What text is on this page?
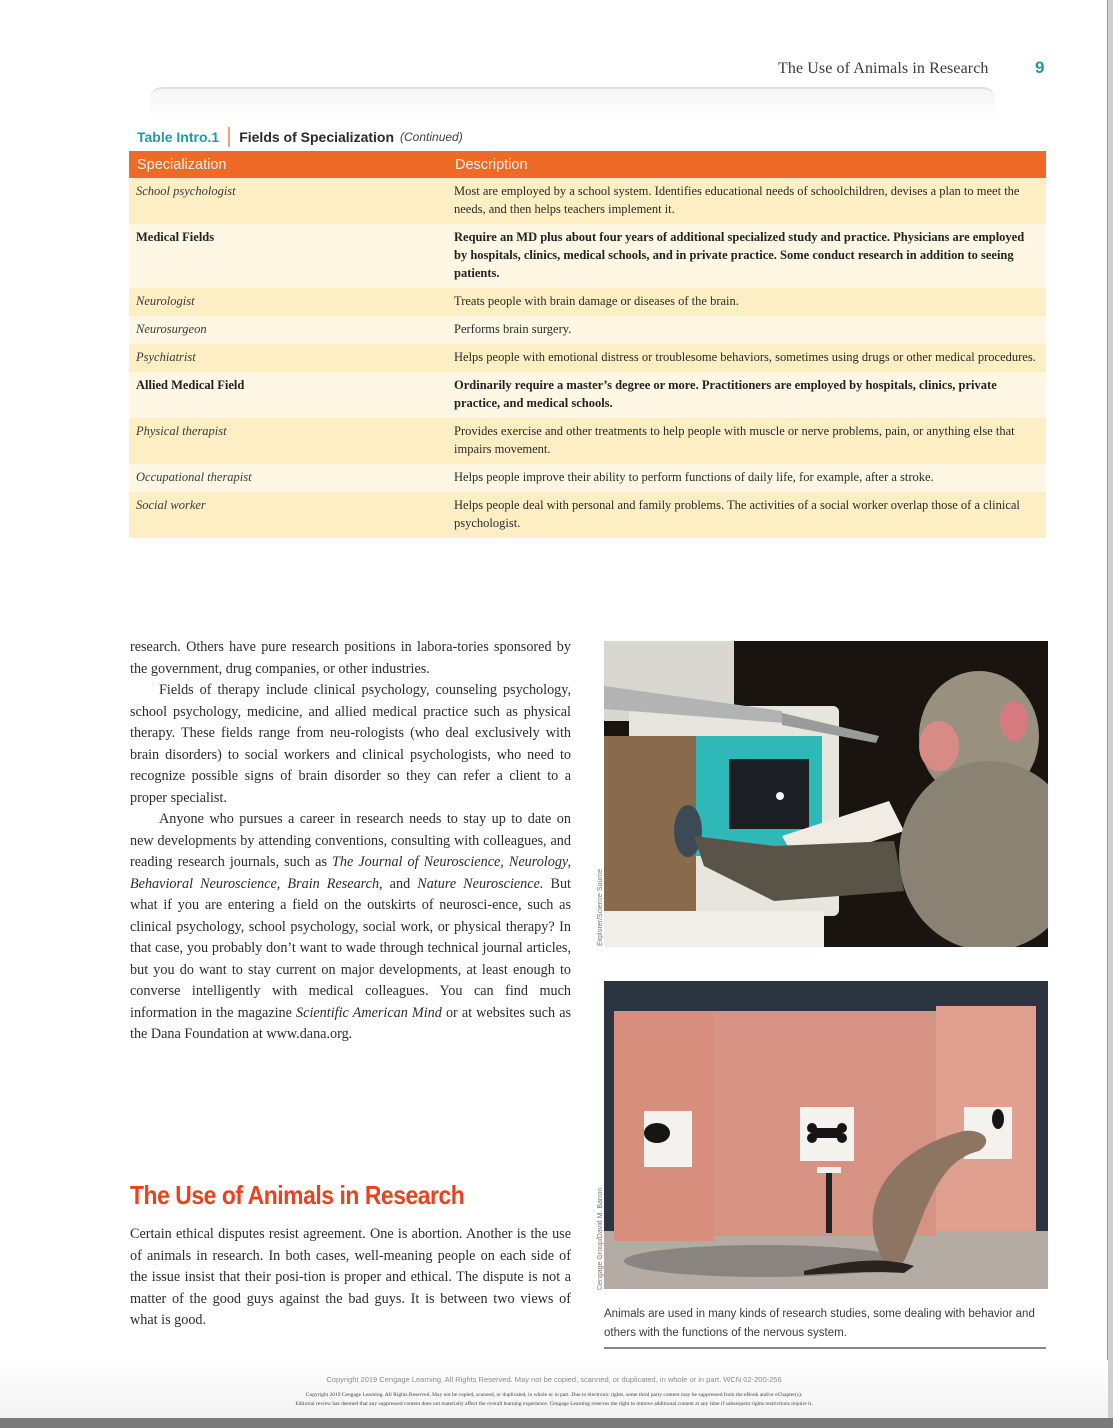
The Use of Animals in Research	9
Table Intro.1 Fields of Specialization (Continued)
Specialization	Description
School psychologist	Most are employed by a school system. Identifies educational needs of schoolchildren, devises a plan to meet the needs, and then helps teachers implement it.
Medical Fields	Require an MD plus about four years of additional specialized study and practice. Physicians are employed by hospitals, clinics, medical schools, and in private practice. Some conduct research in addition to seeing patients.
Neurologist	Treats people with brain damage or diseases of the brain.
Neurosurgeon	Performs brain surgery.
Psychiatrist	Helps people with emotional distress or troublesome behaviors, sometimes using drugs or other medical procedures.
Allied Medical Field	Ordinarily require a master’s degree or more. Practitioners are employed by hospitals, clinics, private practice, and medical schools.
Physical therapist	Provides exercise and other treatments to help people with muscle or nerve problems, pain, or anything else that impairs movement.
Occupational therapist	Helps people improve their ability to perform functions of daily life, for example, after a stroke.
Social worker	Helps people deal with personal and family problems. The activities of a social worker overlap those of a clinical psychologist.

research. Others have pure research positions in labora-tories sponsored by the government, drug companies, or other industries.

Fields of therapy include clinical psychology, counseling psychology, school psychology, medicine, and allied medical practice such as physical therapy. These fields range from neu-rologists (who deal exclusively with brain disorders) to social workers and clinical psychologists, who need to recognize possible signs of brain disorder so they can refer a client to a proper specialist.

Anyone who pursues a career in research needs to stay up to date on new developments by attending conventions, consulting with colleagues, and reading research journals, such as The Journal of Neuroscience, Neurology, Behavioral Neuroscience, Brain Research, and Nature Neuroscience. But what if you are entering a field on the outskirts of neurosci-ence, such as clinical psychology, school psychology, social work, or physical therapy? In that case, you probably don’t want to wade through technical journal articles, but you do want to stay current on major developments, at least enough to converse intelligently with medical colleagues. You can find much information in the magazine Scientific American Mind or at websites such as the Dana Foundation at www.dana.org.

The Use of Animals in Research

Certain ethical disputes resist agreement. One is abortion. Another is the use of animals in research. In both cases, well-meaning people on each side of the issue insist that their posi-tion is proper and ethical. The dispute is not a matter of the good guys against the bad guys. It is between two views of what is good.

Explorer/Science Source
Cengage Group/David M. Barron
Animals are used in many kinds of research studies, some dealing with behavior and others with the functions of the nervous system.
Copyright 2019 Cengage Learning. All Rights Reserved. May not be copied, scanned, or duplicated, in whole or in part. WCN 02-200-256
Copyright 2019 Cengage Learning. All Rights Reserved. May not be copied, scanned, or duplicated, in whole or in part. Due to electronic rights, some third party content may be suppressed from the eBook and/or eChapter(s).
Editorial review has deemed that any suppressed content does not materially affect the overall learning experience. Cengage Learning reserves the right to remove additional content at any time if subsequent rights restrictions require it.
